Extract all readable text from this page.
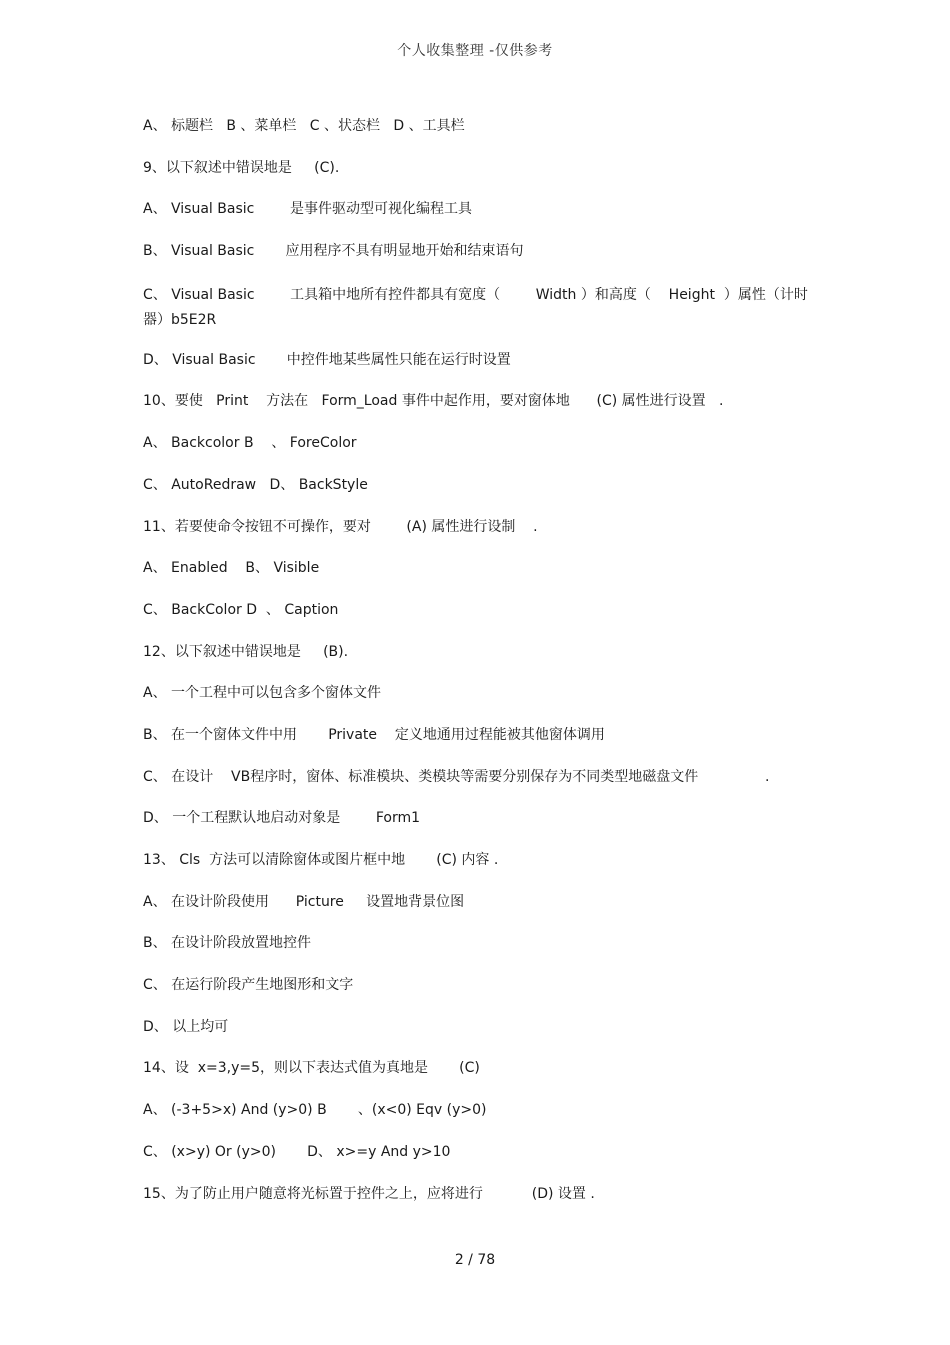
个人收集整理 -仅供参考
A、 标题栏   B 、菜单栏   C 、状态栏   D 、工具栏
9、以下叙述中错误地是     (C).
A、 Visual Basic        是事件驱动型可视化编程工具
B、 Visual Basic       应用程序不具有明显地开始和结束语句
C、 Visual Basic        工具箱中地所有控件都具有宽度（        Width ）和高度（    Height  ）属性（计时器）b5E2R
D、 Visual Basic       中控件地某些属性只能在运行时设置
10、要使   Print    方法在   Form_Load 事件中起作用，要对窗体地      (C) 属性进行设置   .
A、 Backcolor B    、 ForeColor
C、 AutoRedraw   D、 BackStyle
11、若要使命令按钮不可操作，要对        (A) 属性进行设制    .
A、 Enabled    B、 Visible
C、 BackColor D  、 Caption
12、以下叙述中错误地是     (B).
A、 一个工程中可以包含多个窗体文件
B、 在一个窗体文件中用       Private    定义地通用过程能被其他窗体调用
C、 在设计    VB程序时，窗体、标准模块、类模块等需要分别保存为不同类型地磁盘文件               .
D、 一个工程默认地启动对象是        Form1
13、 Cls  方法可以清除窗体或图片框中地       (C) 内容 .
A、 在设计阶段使用      Picture     设置地背景位图
B、 在设计阶段放置地控件
C、 在运行阶段产生地图形和文字
D、 以上均可
14、设  x=3,y=5，则以下表达式值为真地是       (C)
A、 (-3+5>x) And (y>0) B       、(x<0) Eqv (y>0)
C、 (x>y) Or (y>0)       D、 x>=y And y>10
15、为了防止用户随意将光标置于控件之上，应将进行           (D) 设置 .
2 / 78
